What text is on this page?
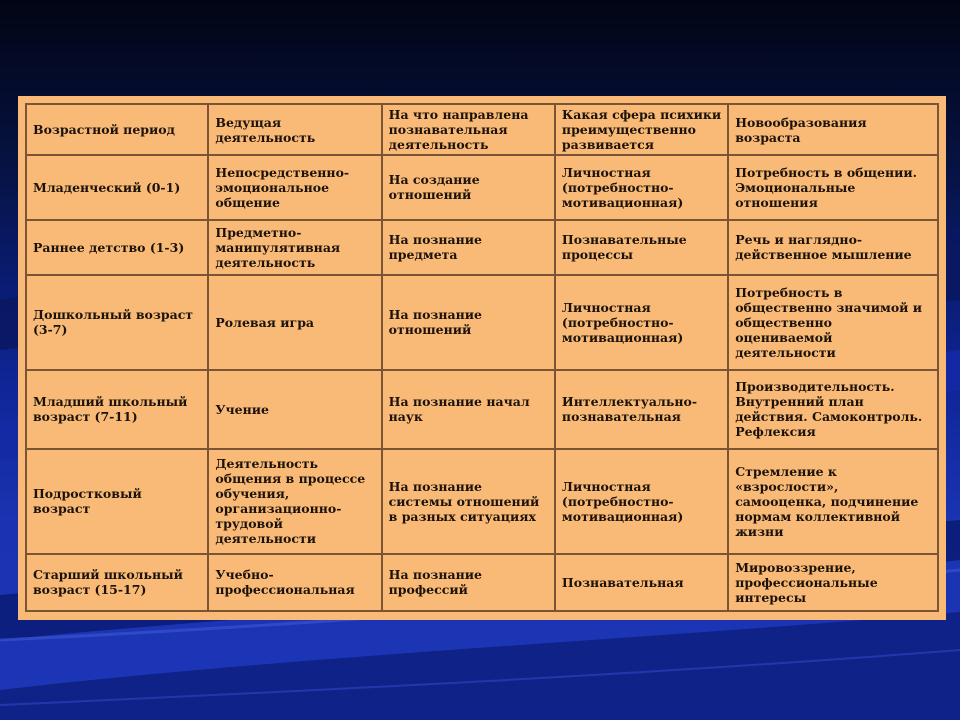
Возрастной период	Ведущая деятельность	На что направлена познавательная деятельность	Какая сфера психики преимущественно развивается	Новообразования возраста
Младенческий (0-1)	Непосредственно-эмоциональное общение	На создание отношений	Личностная (потребностно-мотивационная)	Потребность в общении. Эмоциональные отношения
Раннее детство (1-3)	Предметно-манипулятивная деятельность	На познание предмета	Познавательные процессы	Речь и наглядно-действенное мышление
Дошкольный возраст (3-7)	Ролевая игра	На познание отношений	Личностная (потребностно-мотивационная)	Потребность в общественно значимой и общественно оцениваемой деятельности
Младший школьный возраст (7-11)	Учение	На познание начал наук	Интеллектуально-познавательная	Производительность. Внутренний план действия. Самоконтроль. Рефлексия
Подростковый возраст	Деятельность общения в процессе обучения, организационно-трудовой деятельности	На познание системы отношений в разных ситуациях	Личностная (потребностно-мотивационная)	Стремление к «взрослости», самооценка, подчинение нормам коллективной жизни
Старший школьный возраст (15-17)	Учебно-профессиональная	На познание профессий	Познавательная	Мировоззрение, профессиональные интересы
